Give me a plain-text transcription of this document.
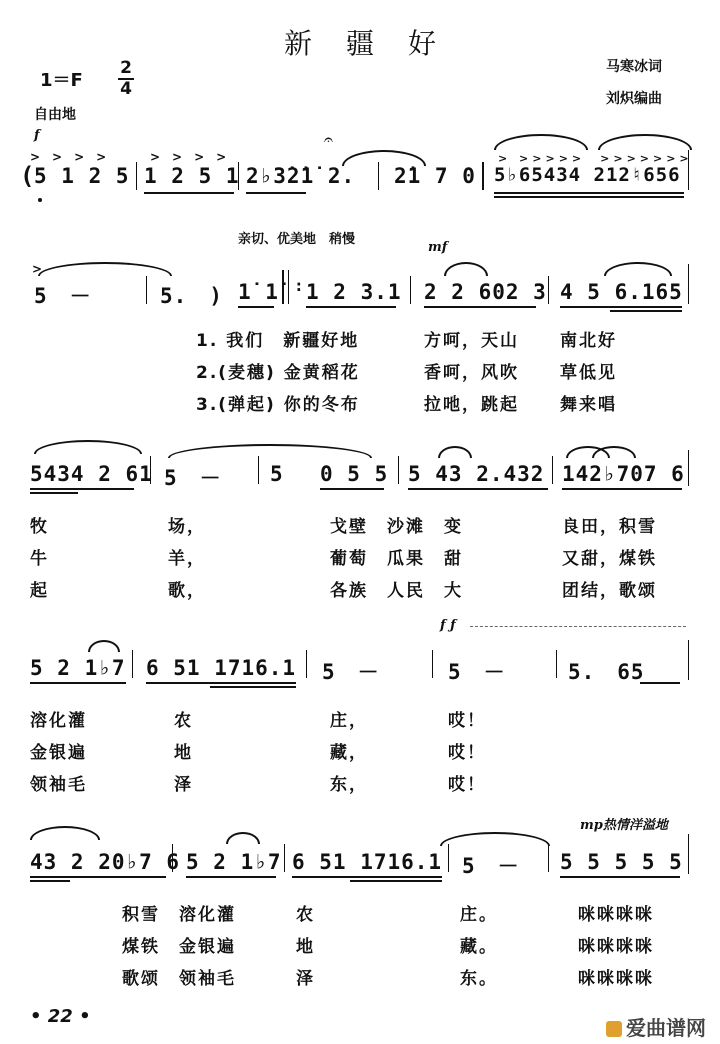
新疆好
马寒冰词
刘炽编曲
1＝F
2
4
自由地
f
>>>>	>>>>
(
5 1 2 5 1 2 5 1 2♭3̇2̇1̇ 2.
𝄐
2̇1 7 0 5♭65434 212♮656
> >>>>>　>>>>>>>
亲切、优美地　稍慢
mf
>
5　－	5.　) 1̇ 1̇ : 1 2 3.1 2 2 602 3 4 5 6.165
1. 我们　新疆好地	方呵，天山 南北好
2.(麦穗) 金黄稻花	香呵，风吹 草低见
3.(弹起) 你的冬布	拉吔，跳起 舞来唱
5434 2 61 5　－ 5 0 5 5 5 43 2.432 142♭707 6
牧	场，	戈壁　沙滩　变	良田，积雪
牛	羊，	葡萄　瓜果　甜	又甜，煤铁
起	歌，	各族　人民　大	团结，歌颂
f ƒ
5 2 1♭7 6 51 1716.1 5　－	5　－	5.　65
溶化灌	农	庄，	哎！
金银遍	地	藏，	哎！
领袖毛	泽	东，	哎！
mp热情洋溢地
43 2 20♭7 6 5 2 1♭7 6 51 1716.1 5　－ 5 5 5 5 5
积雪　溶化灌	农	庄。	咪咪咪咪
煤铁　金银遍	地	藏。	咪咪咪咪
歌颂　领袖毛	泽	东。	咪咪咪咪
• 22 •	爱曲谱网
